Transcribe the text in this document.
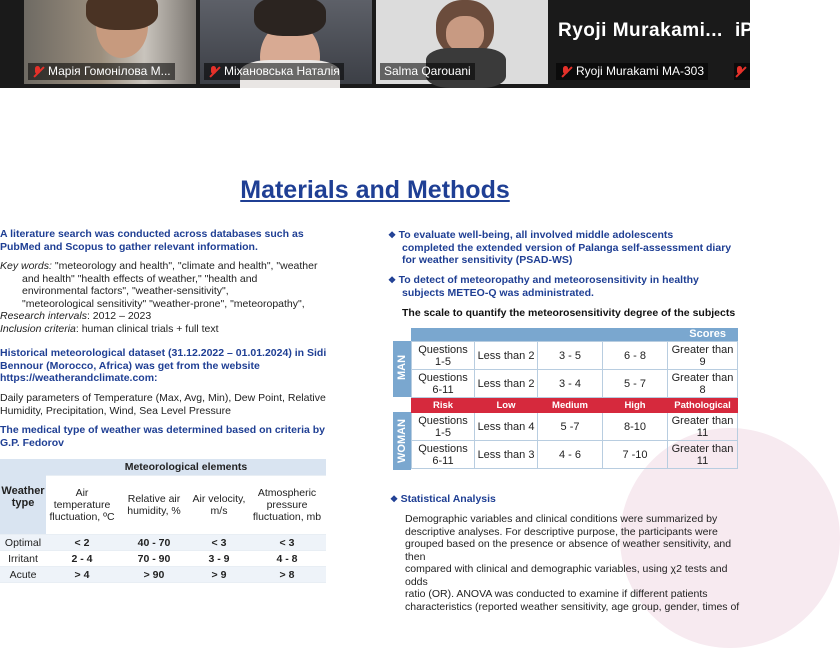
Марія Гомонілова М...	Міхановська Наталія	Salma Qarouani	Ryoji Murakami MA-303
Ryoji Murakami... iP
Materials and Methods
A literature search was conducted across databases such as PubMed and Scopus to gather relevant information.
Key words: "meteorology and health", "climate and health", "weather
and health" "health effects of weather," "health and
environmental factors", "weather-sensitivity",
"meteorological sensitivity" "weather-prone", "meteoropathy",
Research intervals: 2012 – 2023
Inclusion criteria: human clinical trials + full text
Historical meteorological dataset (31.12.2022 – 01.01.2024) in Sidi
Bennour (Morocco, Africa) was get from the website
https://weatherandclimate.com:
Daily parameters of Temperature (Max, Avg, Min), Dew Point, Relative
Humidity, Precipitation, Wind, Sea Level Pressure
The medical type of weather was determined based on criteria by
G.P. Fedorov
Weather type	Meteorological elements			
	Air temperature fluctuation, ºC	Relative air humidity, %	Air velocity, m/s	Atmospheric pressure fluctuation, mb
Optimal	< 2	40 - 70	< 3	< 3
Irritant	2 - 4	70 - 90	3 - 9	4 - 8
Acute	> 4	> 90	> 9	> 8
❖ To evaluate well-being, all involved middle adolescents
completed the extended version of Palanga self-assessment diary
for weather sensitivity (PSAD-WS)
❖ To detect of meteoropathy and meteorosensitivity in healthy
subjects METEO-Q was administrated.
The scale to quantify the meteorosensitivity degree of the subjects
Scores
MAN
WOMAN
Questions 1-5	Less than 2	3 - 5	6 - 8	Greater than 9
Questions 6-11	Less than 2	3 - 4	5 - 7	Greater than 8
Risk	Low	Medium	High	Pathological
Questions 1-5	Less than 4	5 -7	8-10	Greater than 11
Questions 6-11	Less than 3	4 - 6	7 -10	Greater than 11
❖ Statistical Analysis
Demographic variables and clinical conditions were summarized by
descriptive analyses. For descriptive purpose, the participants were
grouped based on the presence or absence of weather sensitivity, and then
compared with clinical and demographic variables, using χ2 tests and odds
ratio (OR). ANOVA was conducted to examine if different patients
characteristics (reported weather sensitivity, age group, gender, times of
